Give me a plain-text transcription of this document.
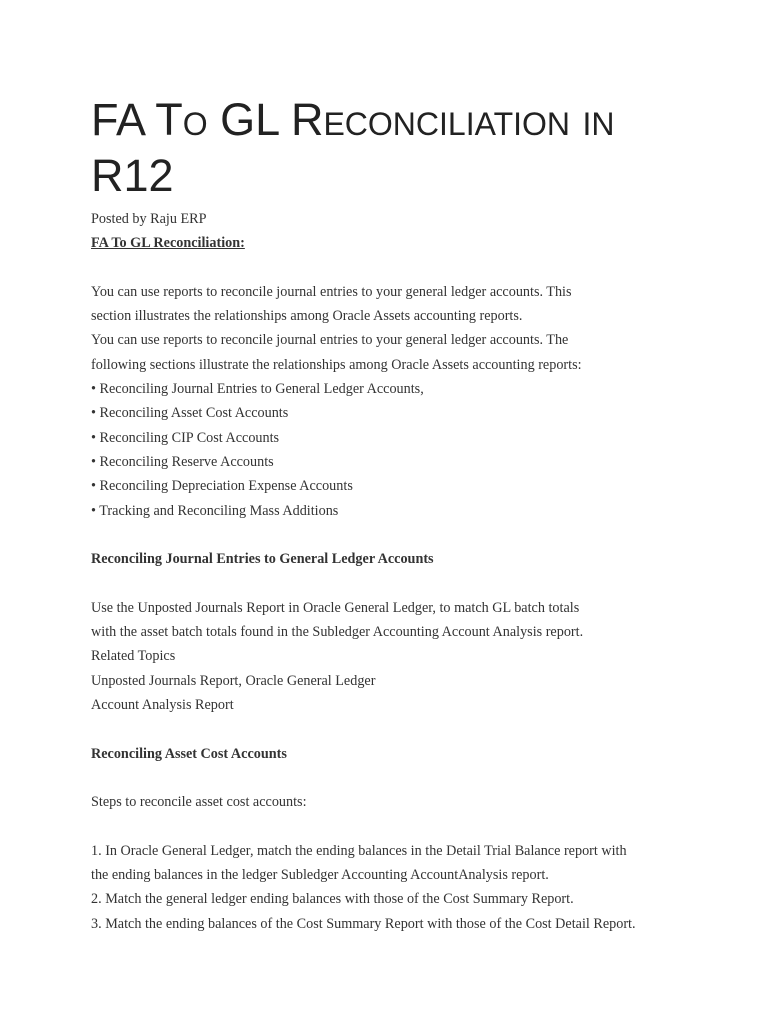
FA To GL Reconciliation in R12
Posted by Raju ERP
FA To GL Reconciliation:
You can use reports to reconcile journal entries to your general ledger accounts. This
section illustrates the relationships among Oracle Assets accounting reports.
You can use reports to reconcile journal entries to your general ledger accounts. The
following sections illustrate the relationships among Oracle Assets accounting reports:
• Reconciling Journal Entries to General Ledger Accounts,
• Reconciling Asset Cost Accounts
• Reconciling CIP Cost Accounts
• Reconciling Reserve Accounts
• Reconciling Depreciation Expense Accounts
• Tracking and Reconciling Mass Additions
Reconciling Journal Entries to General Ledger Accounts
Use the Unposted Journals Report in Oracle General Ledger, to match GL batch totals
with the asset batch totals found in the Subledger Accounting Account Analysis report.
Related Topics
Unposted Journals Report, Oracle General Ledger
Account Analysis Report
Reconciling Asset Cost Accounts
Steps to reconcile asset cost accounts:
1. In Oracle General Ledger, match the ending balances in the Detail Trial Balance report with
the ending balances in the ledger Subledger Accounting AccountAnalysis report.
2. Match the general ledger ending balances with those of the Cost Summary Report.
3. Match the ending balances of the Cost Summary Report with those of the Cost Detail Report.
